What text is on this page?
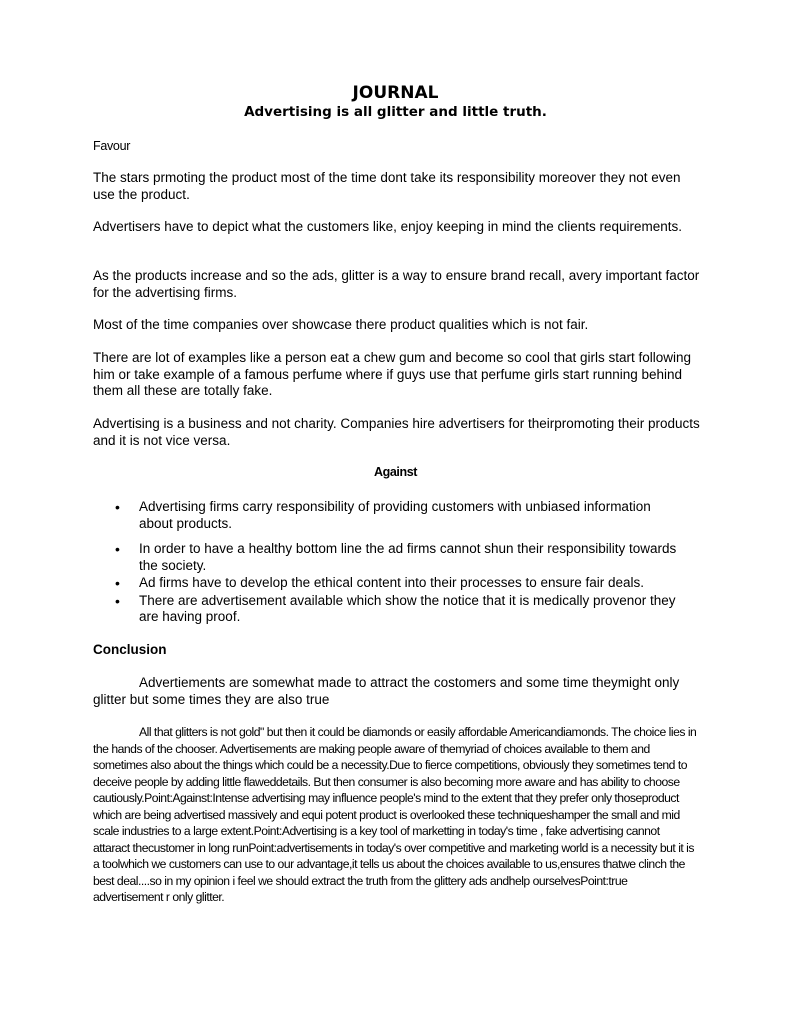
JOURNAL
Advertising is all glitter and little truth.

Favour

The stars prmoting the product most of the time dont take its responsibility moreover they not even use the product.

Advertisers have to depict what the customers like, enjoy keeping in mind the clients requirements.

As the products increase and so the ads, glitter is a way to ensure brand recall, avery important factor for the advertising firms.

Most of the time companies over showcase there product qualities which is not fair.

There are lot of examples like a person eat a chew gum and become so cool that girls start following him or take example of a famous perfume where if guys use that perfume girls start running behind them all these are totally fake.

Advertising is a business and not charity. Companies hire advertisers for theirpromoting their products and it is not vice versa.

Against
• Advertising firms carry responsibility of providing customers with unbiased information about products.
• In order to have a healthy bottom line the ad firms cannot shun their responsibility towards the society.
• Ad firms have to develop the ethical content into their processes to ensure fair deals.
• There are advertisement available which show the notice that it is medically provenor they are having proof.
Conclusion

Advertiements are somewhat made to attract the costomers and some time theymight only glitter but some times they are also true

All that glitters is not gold" but then it could be diamonds or easily affordable Americandiamonds. The choice lies in the hands of the chooser. Advertisements are making people aware of themyriad of choices available to them and sometimes also about the things which could be a necessity.Due to fierce competitions, obviously they sometimes tend to deceive people by adding little flaweddetails. But then consumer is also becoming more aware and has ability to choose cautiously.Point:Against:Intense advertising may influence people's mind to the extent that they prefer only thoseproduct which are being advertised massively and equi potent product is overlooked these techniqueshamper the small and mid scale industries to a large extent.Point:Advertising is a key tool of marketting in today's time , fake advertising cannot attaract thecustomer in long runPoint:advertisements in today's over competitive and marketing world is a necessity but it is a toolwhich we customers can use to our advantage,it tells us about the choices available to us,ensures thatwe clinch the best deal....so in my opinion i feel we should extract the truth from the glittery ads andhelp ourselvesPoint:true advertisement r only glitter.
